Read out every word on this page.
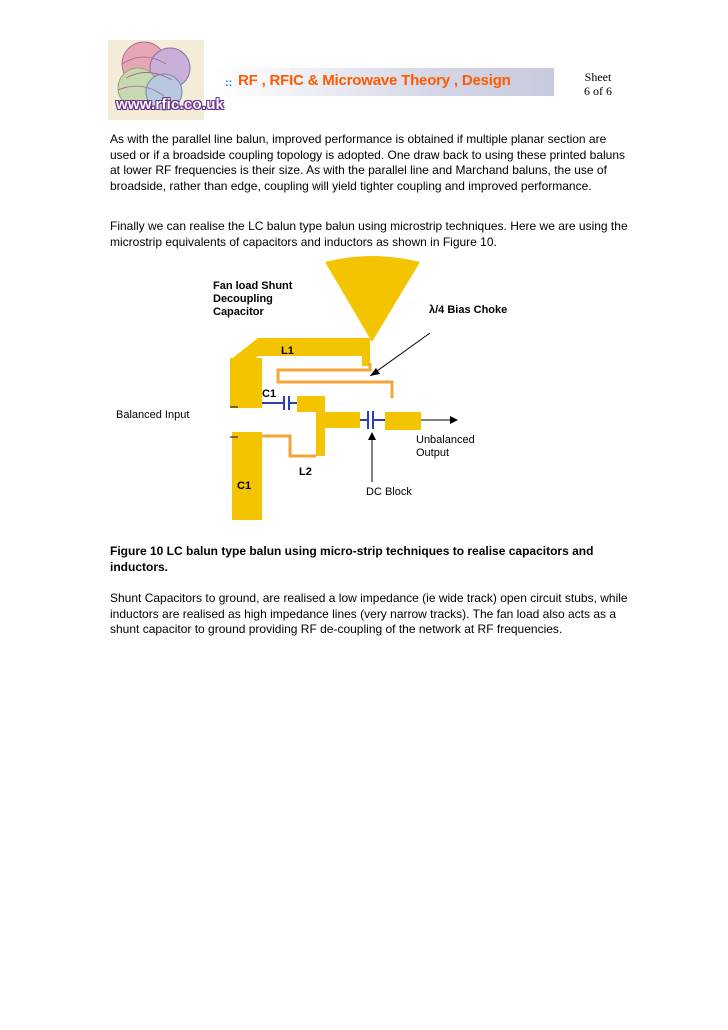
www.rfic.co.uk
:: RF , RFIC & Microwave Theory , Design	Sheet
6 of 6

As with the parallel line balun, improved performance is obtained if multiple planar section are used or if a broadside coupling topology is adopted. One draw back to using these printed baluns at lower RF frequencies is their size. As with the parallel line and Marchand baluns, the use of broadside, rather than edge, coupling will yield tighter coupling and improved performance.

Finally we can realise the LC balun type balun using microstrip techniques. Here we are using the microstrip equivalents of capacitors and inductors as shown in Figure 10.

Fan load Shunt
Decoupling
Capacitor	λ/4 Bias Choke
L1
C1
Balanced Input
Unbalanced
Output
L2
C1	DC Block

Figure 10 LC balun type balun using micro-strip techniques to realise capacitors and inductors.

Shunt Capacitors to ground, are realised a low impedance (ie wide track) open circuit stubs, while inductors are realised as high impedance lines (very narrow tracks). The fan load also acts as a shunt capacitor to ground providing RF de-coupling of the network at RF frequencies.
